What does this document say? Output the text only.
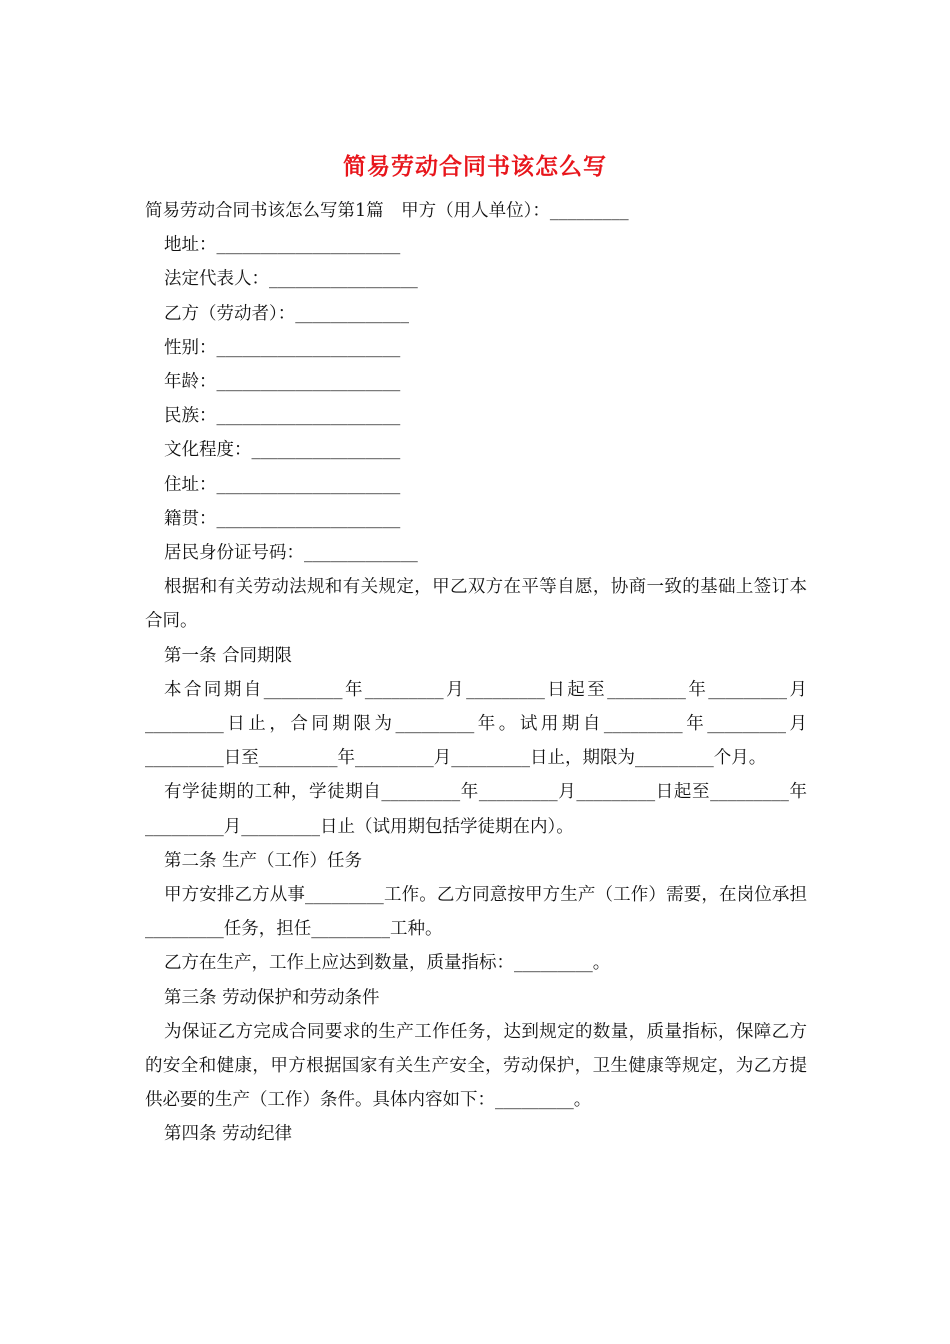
简易劳动合同书该怎么写

简易劳动合同书该怎么写第1篇　甲方（用人单位）：_________

地址：_____________________

法定代表人：_________________

乙方（劳动者）：_____________

性别：_____________________

年龄：_____________________

民族：_____________________

文化程度：_________________

住址：_____________________

籍贯：_____________________

居民身份证号码：_____________

根据和有关劳动法规和有关规定，甲乙双方在平等自愿，协商一致的基础上签订本合同。

第一条 合同期限

本合同期自_________年_________月_________日起至_________年_________月_________日止，合同期限为_________年。试用期自_________年_________月_________日至_________年_________月_________日止，期限为_________个月。

有学徒期的工种，学徒期自_________年_________月_________日起至_________年_________月_________日止（试用期包括学徒期在内）。

第二条 生产（工作）任务

甲方安排乙方从事_________工作。乙方同意按甲方生产（工作）需要，在岗位承担_________任务，担任_________工种。

乙方在生产，工作上应达到数量，质量指标：_________。

第三条 劳动保护和劳动条件

为保证乙方完成合同要求的生产工作任务，达到规定的数量，质量指标，保障乙方的安全和健康，甲方根据国家有关生产安全，劳动保护，卫生健康等规定，为乙方提供必要的生产（工作）条件。具体内容如下：_________。

第四条 劳动纪律
